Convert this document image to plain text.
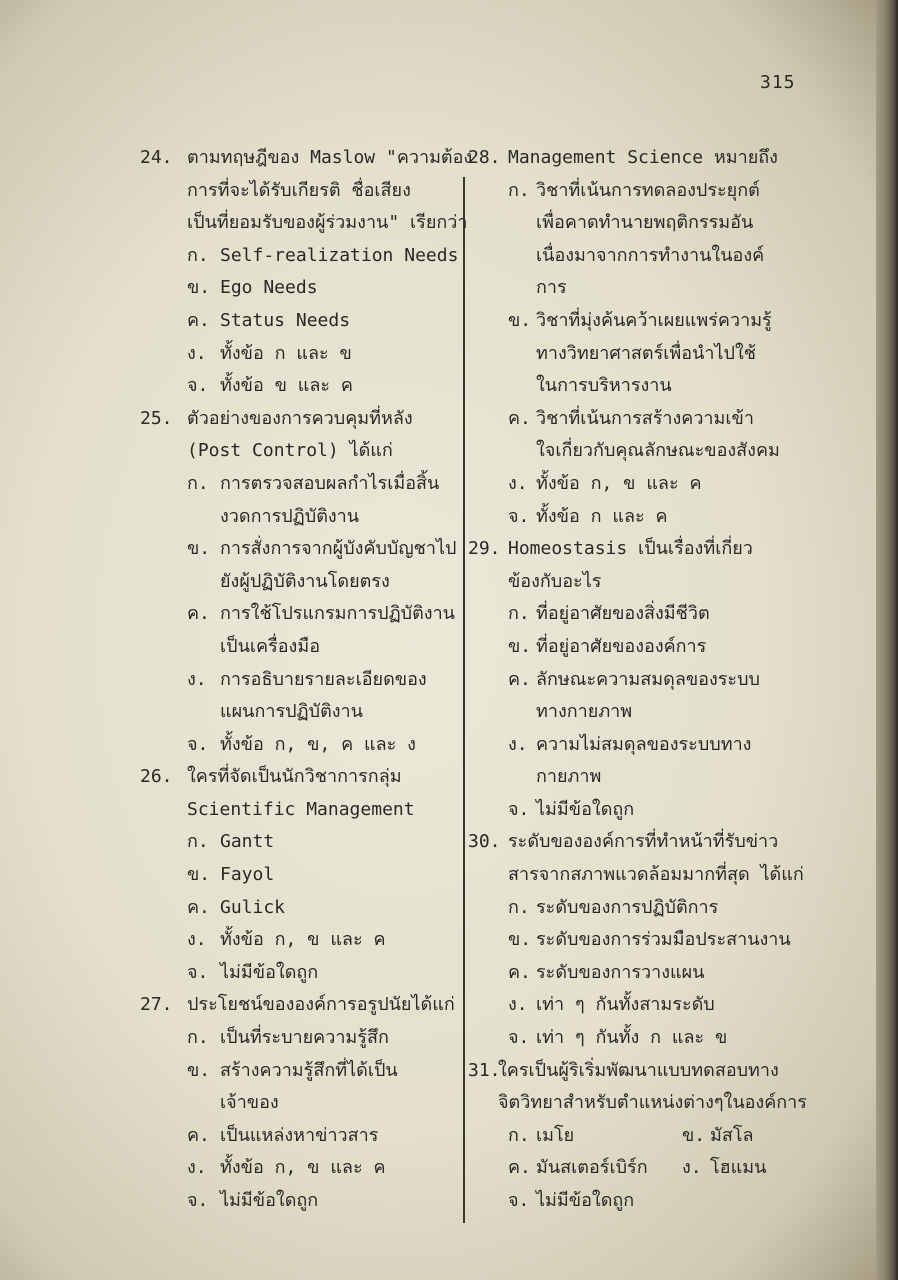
315
24. ตามทฤษฎีของ Maslow "ความต้อง
การที่จะได้รับเกียรติ ชื่อเสียง
เป็นที่ยอมรับของผู้ร่วมงาน" เรียกว่า
ก. Self-realization Needs
ข. Ego Needs
ค. Status Needs
ง. ทั้งข้อ ก และ ข
จ. ทั้งข้อ ข และ ค
25. ตัวอย่างของการควบคุมที่หลัง
(Post Control) ได้แก่
ก. การตรวจสอบผลกำไรเมื่อสิ้น
งวดการปฏิบัติงาน
ข. การสั่งการจากผู้บังคับบัญชาไป
ยังผู้ปฏิบัติงานโดยตรง
ค. การใช้โปรแกรมการปฏิบัติงาน
เป็นเครื่องมือ
ง. การอธิบายรายละเอียดของ
แผนการปฏิบัติงาน
จ. ทั้งข้อ ก, ข, ค และ ง
26. ใครที่จัดเป็นนักวิชาการกลุ่ม
Scientific Management
ก. Gantt
ข. Fayol
ค. Gulick
ง. ทั้งข้อ ก, ข และ ค
จ. ไม่มีข้อใดถูก
27. ประโยชน์ขององค์การอรูปนัยได้แก่
ก. เป็นที่ระบายความรู้สึก
ข. สร้างความรู้สึกที่ได้เป็น
เจ้าของ
ค. เป็นแหล่งหาข่าวสาร
ง. ทั้งข้อ ก, ข และ ค
จ. ไม่มีข้อใดถูก
28. Management Science หมายถึง
ก. วิชาที่เน้นการทดลองประยุกต์
เพื่อคาดทำนายพฤติกรรมอัน
เนื่องมาจากการทำงานในองค์
การ
ข. วิชาที่มุ่งค้นคว้าเผยแพร่ความรู้
ทางวิทยาศาสตร์เพื่อนำไปใช้
ในการบริหารงาน
ค. วิชาที่เน้นการสร้างความเข้า
ใจเกี่ยวกับคุณลักษณะของสังคม
ง. ทั้งข้อ ก, ข และ ค
จ. ทั้งข้อ ก และ ค
29. Homeostasis เป็นเรื่องที่เกี่ยว
ข้องกับอะไร
ก. ที่อยู่อาศัยของสิ่งมีชีวิต
ข. ที่อยู่อาศัยขององค์การ
ค. ลักษณะความสมดุลของระบบ
ทางกายภาพ
ง. ความไม่สมดุลของระบบทาง
กายภาพ
จ. ไม่มีข้อใดถูก
30. ระดับขององค์การที่ทำหน้าที่รับข่าว
สารจากสภาพแวดล้อมมากที่สุด ได้แก่
ก. ระดับของการปฏิบัติการ
ข. ระดับของการร่วมมือประสานงาน
ค. ระดับของการวางแผน
ง. เท่า ๆ กันทั้งสามระดับ
จ. เท่า ๆ กันทั้ง ก และ ข
31.
ใครเป็นผู้ริเริ่มพัฒนาแบบทดสอบทาง
จิตวิทยาสำหรับตำแหน่งต่างๆในองค์การ
ก. เมโย	ข. มัสโล
ค. มันสเตอร์เบิร์ก ง. โฮแมน
จ. ไม่มีข้อใดถูก
